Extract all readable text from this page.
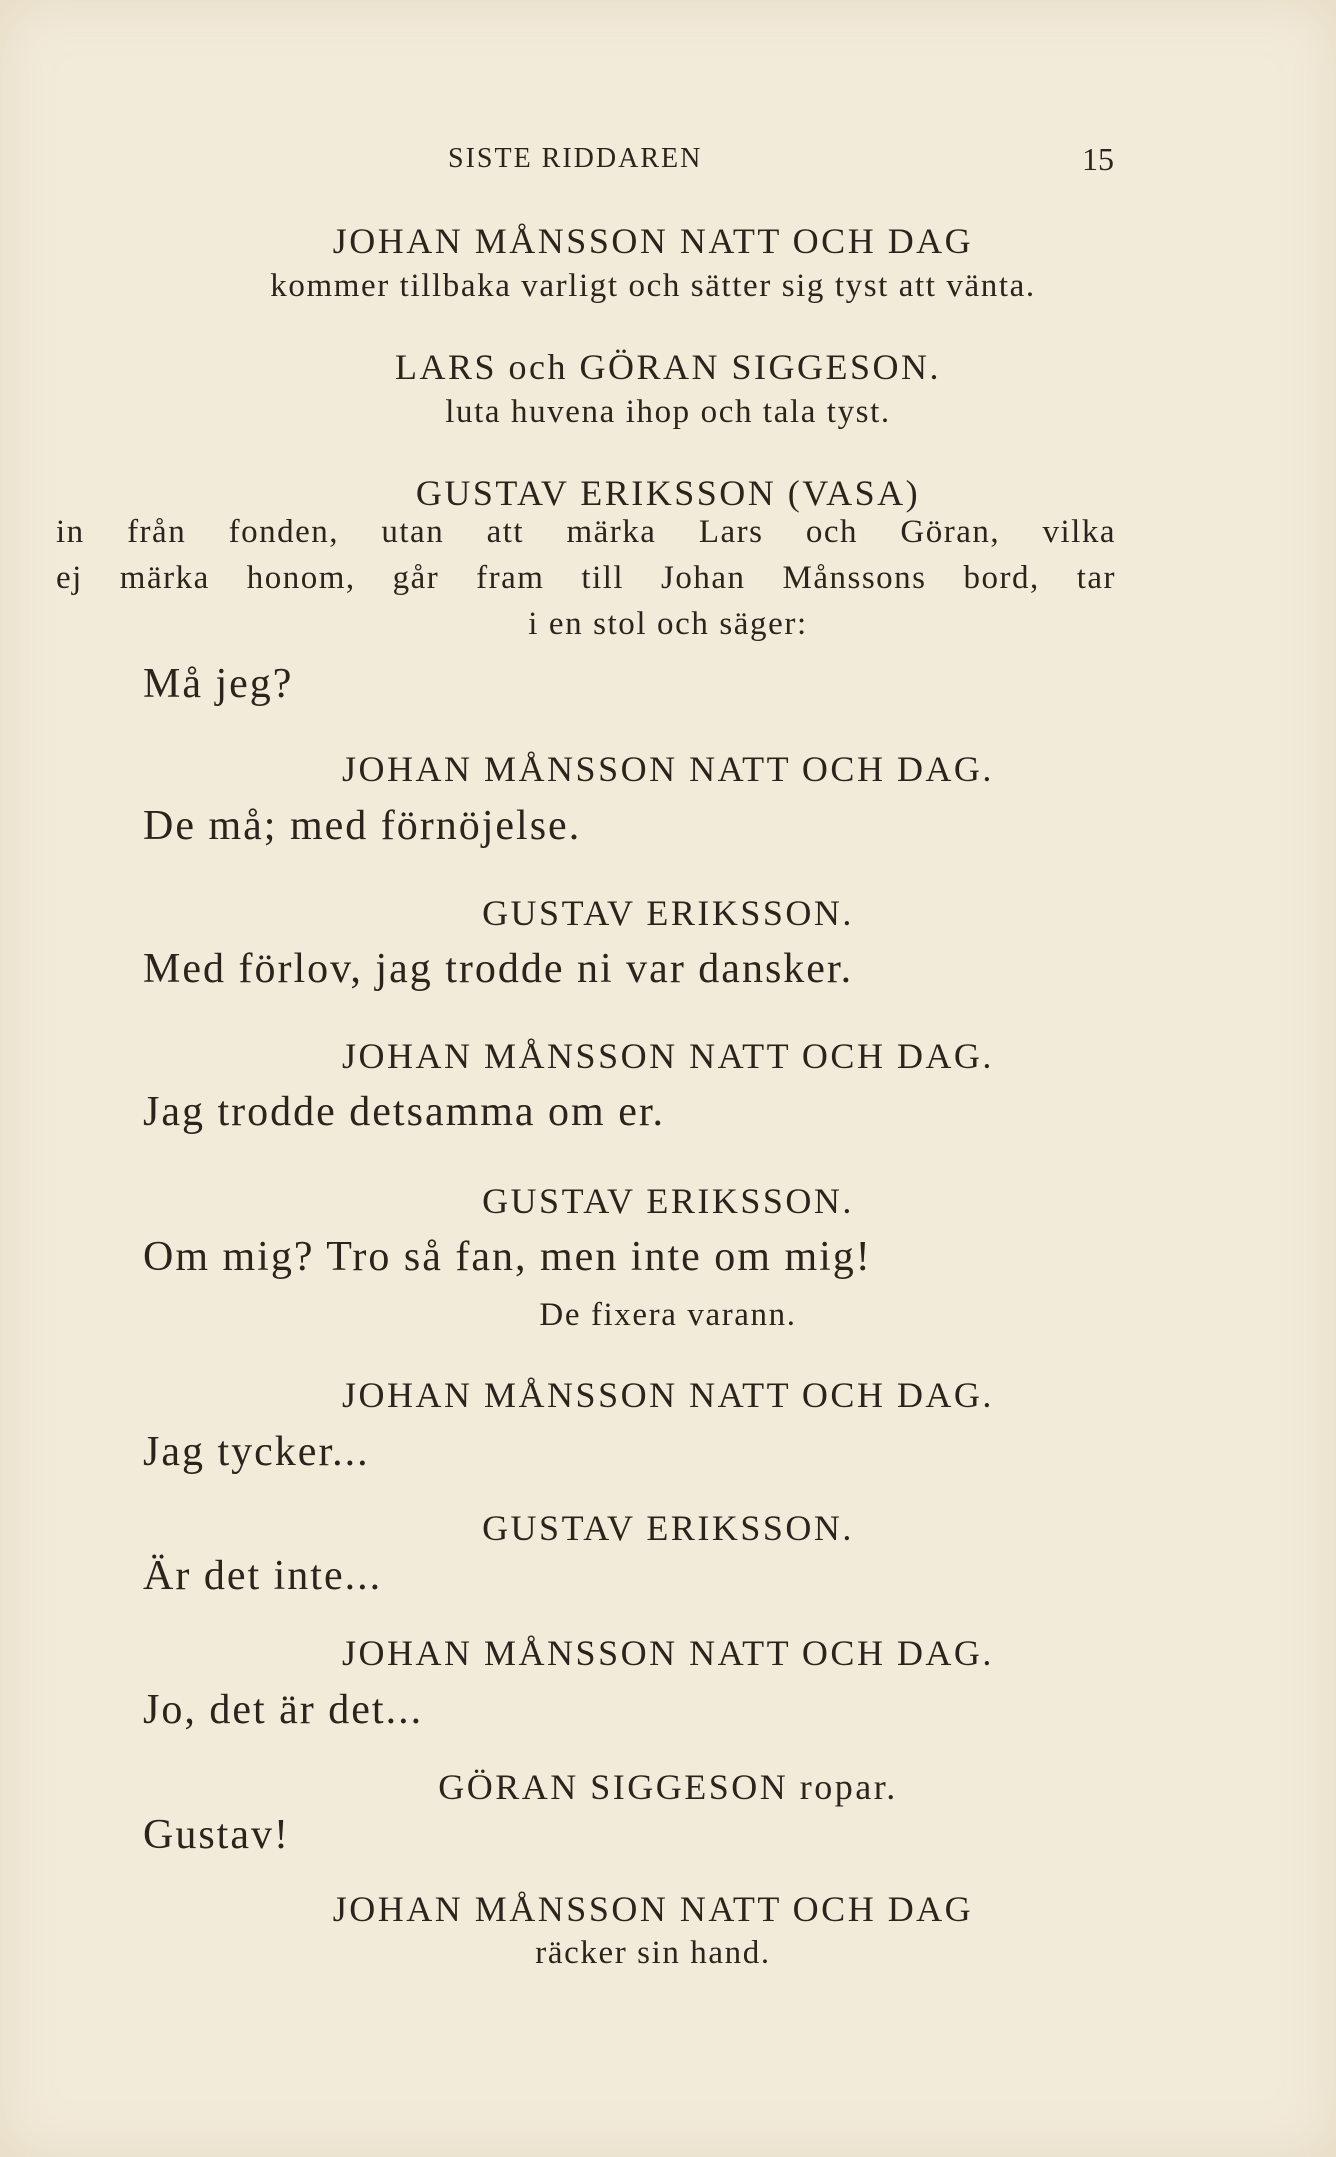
SISTE RIDDAREN	15
JOHAN MÅNSSON NATT OCH DAG
kommer tillbaka varligt och sätter sig tyst att vänta.
LARS och GÖRAN SIGGESON.
luta huvena ihop och tala tyst.
GUSTAV ERIKSSON (VASA)
in från fonden, utan att märka Lars och Göran, vilka
ej märka honom, går fram till Johan Månssons bord, tar
i en stol och säger:
Må jeg?
JOHAN MÅNSSON NATT OCH DAG.
De må; med förnöjelse.
GUSTAV ERIKSSON.
Med förlov, jag trodde ni var dansker.
JOHAN MÅNSSON NATT OCH DAG.
Jag trodde detsamma om er.
GUSTAV ERIKSSON.
Om mig? Tro så fan, men inte om mig!
De fixera varann.
JOHAN MÅNSSON NATT OCH DAG.
Jag tycker...
GUSTAV ERIKSSON.
Är det inte...
JOHAN MÅNSSON NATT OCH DAG.
Jo, det är det...
GÖRAN SIGGESON ropar.
Gustav!
JOHAN MÅNSSON NATT OCH DAG
räcker sin hand.
